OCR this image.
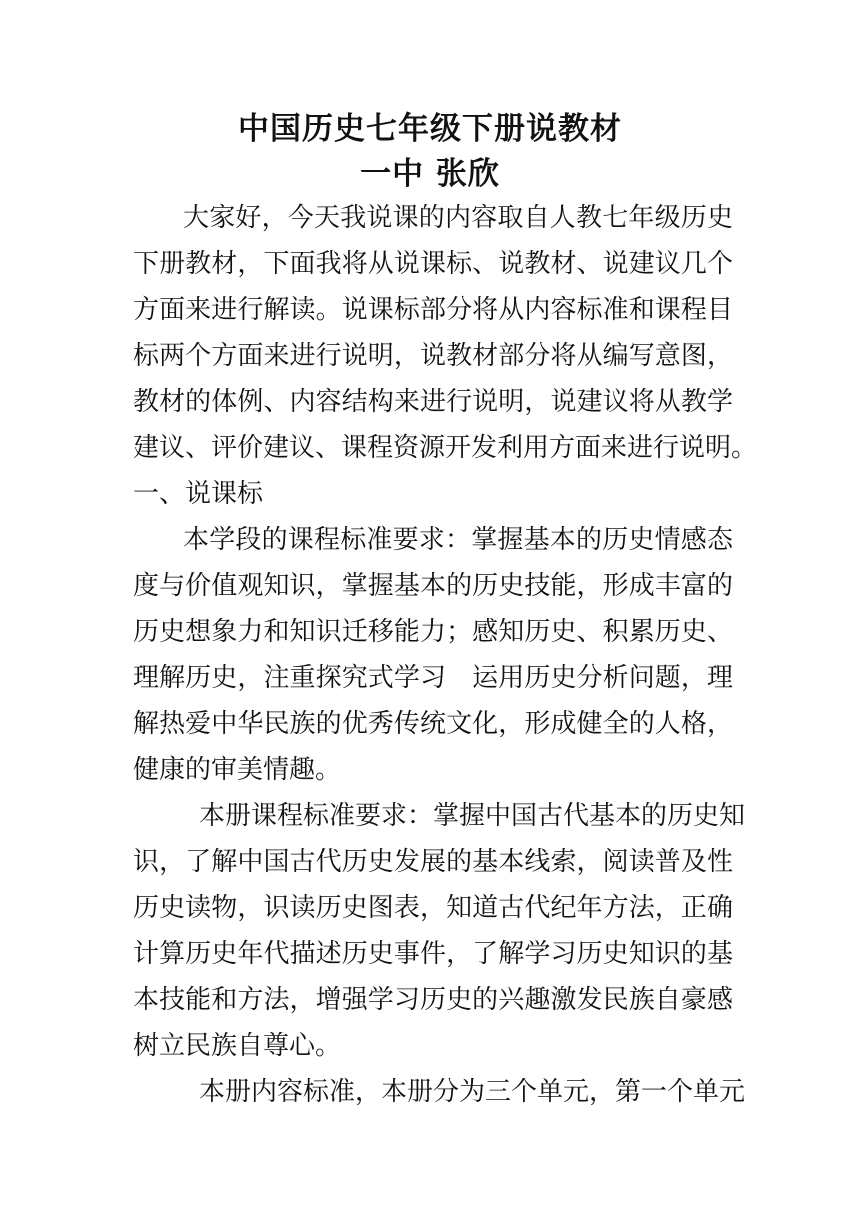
中国历史七年级下册说教材
一中 张欣
大家好，今天我说课的内容取自人教七年级历史
下册教材，下面我将从说课标、说教材、说建议几个
方面来进行解读。说课标部分将从内容标准和课程目
标两个方面来进行说明，说教材部分将从编写意图，
教材的体例、内容结构来进行说明，说建议将从教学
建议、评价建议、课程资源开发利用方面来进行说明。
一、说课标
本学段的课程标准要求：掌握基本的历史情感态
度与价值观知识，掌握基本的历史技能，形成丰富的
历史想象力和知识迁移能力；感知历史、积累历史、
理解历史，注重探究式学习　运用历史分析问题，理
解热爱中华民族的优秀传统文化，形成健全的人格，
健康的审美情趣。
本册课程标准要求：掌握中国古代基本的历史知
识，了解中国古代历史发展的基本线索，阅读普及性
历史读物，识读历史图表，知道古代纪年方法，正确
计算历史年代描述历史事件，了解学习历史知识的基
本技能和方法，增强学习历史的兴趣激发民族自豪感
树立民族自尊心。
本册内容标准，本册分为三个单元，第一个单元
